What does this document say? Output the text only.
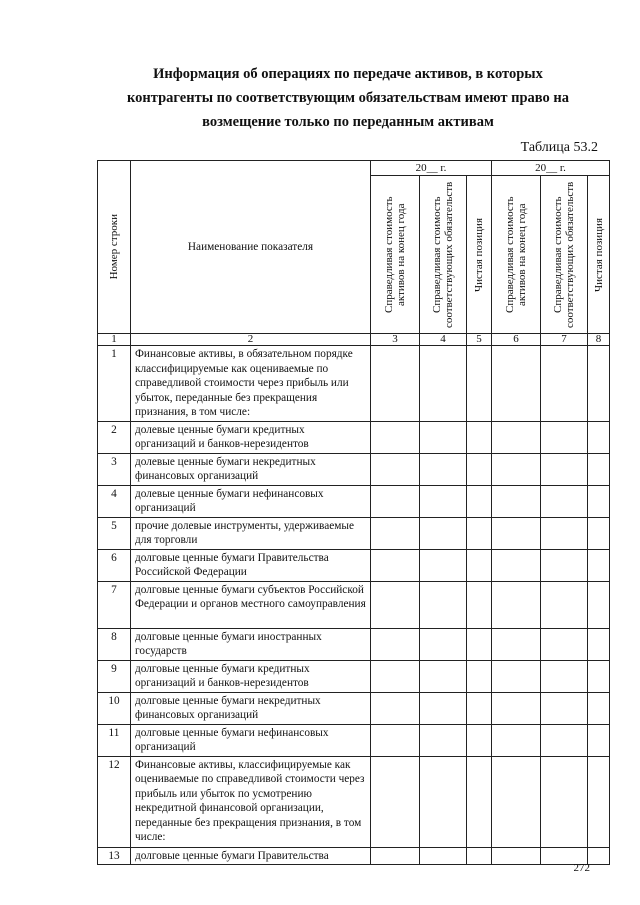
Информация об операциях по передаче активов, в которых
контрагенты по соответствующим обязательствам имеют право на
возмещение только по переданным активам
Таблица 53.2
Номер строки	Наименование показателя	20__ г.			20__ г.		

		Справедливая стоимость активов на конец года	Справедливая стоимость соответствующих обязательств	Чистая позиция	Справедливая стоимость активов на конец года	Справедливая стоимость соответствующих обязательств	Чистая позиция

1	2	3	4	5	6	7	8
1	Финансовые активы, в обязательном порядке классифицируемые как оцениваемые по справедливой стоимости через прибыль или убыток, переданные без прекращения признания, в том числе:						
2	долевые ценные бумаги кредитных организаций и банков-нерезидентов						
3	долевые ценные бумаги некредитных финансовых организаций						
4	долевые ценные бумаги нефинансовых организаций						
5	прочие долевые инструменты, удерживаемые для торговли						
6	долговые ценные бумаги Правительства Российской Федерации						
7	долговые ценные бумаги субъектов Российской Федерации и органов местного самоуправления						
8	долговые ценные бумаги иностранных государств						
9	долговые ценные бумаги кредитных организаций и банков-нерезидентов						
10	долговые ценные бумаги некредитных финансовых организаций						
11	долговые ценные бумаги нефинансовых организаций						
12	Финансовые активы, классифицируемые как оцениваемые по справедливой стоимости через прибыль или убыток по усмотрению некредитной финансовой организации, переданные без прекращения признания, в том числе:						
13	долговые ценные бумаги Правительства						
272
